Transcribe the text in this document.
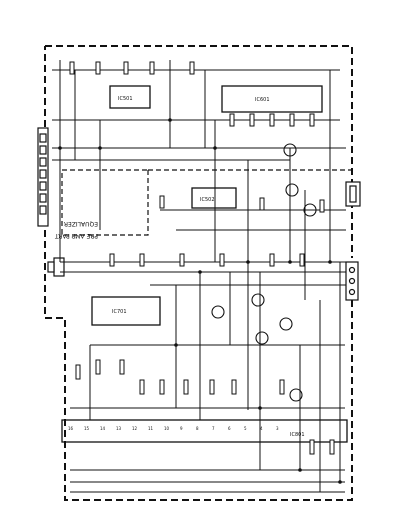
IC501	IC601
IC502
IC701
IC801
16	15	14	13	12	11	10	9	8	7	6	5	4	3
PRE AMP PART
EQUALIZER
